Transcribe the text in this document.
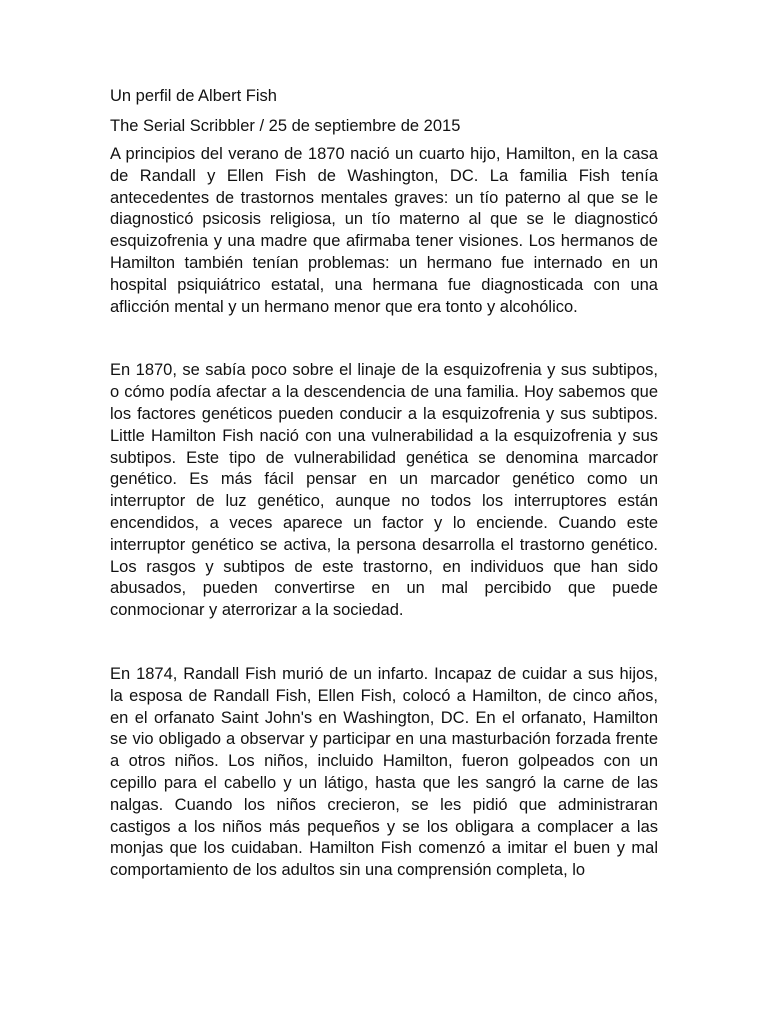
Un perfil de Albert Fish

The Serial Scribbler / 25 de septiembre de 2015

A principios del verano de 1870 nació un cuarto hijo, Hamilton, en la casa de Randall y Ellen Fish de Washington, DC. La familia Fish tenía antecedentes de trastornos mentales graves: un tío paterno al que se le diagnosticó psicosis religiosa, un tío materno al que se le diagnosticó esquizofrenia y una madre que afirmaba tener visiones. Los hermanos de Hamilton también tenían problemas: un hermano fue internado en un hospital psiquiátrico estatal, una hermana fue diagnosticada con una aflicción mental y un hermano menor que era tonto y alcohólico.

En 1870, se sabía poco sobre el linaje de la esquizofrenia y sus subtipos, o cómo podía afectar a la descendencia de una familia. Hoy sabemos que los factores genéticos pueden conducir a la esquizofrenia y sus subtipos. Little Hamilton Fish nació con una vulnerabilidad a la esquizofrenia y sus subtipos. Este tipo de vulnerabilidad genética se denomina marcador genético. Es más fácil pensar en un marcador genético como un interruptor de luz genético, aunque no todos los interruptores están encendidos, a veces aparece un factor y lo enciende. Cuando este interruptor genético se activa, la persona desarrolla el trastorno genético. Los rasgos y subtipos de este trastorno, en individuos que han sido abusados, pueden convertirse en un mal percibido que puede conmocionar y aterrorizar a la sociedad.

En 1874, Randall Fish murió de un infarto. Incapaz de cuidar a sus hijos, la esposa de Randall Fish, Ellen Fish, colocó a Hamilton, de cinco años, en el orfanato Saint John's en Washington, DC. En el orfanato, Hamilton se vio obligado a observar y participar en una masturbación forzada frente a otros niños. Los niños, incluido Hamilton, fueron golpeados con un cepillo para el cabello y un látigo, hasta que les sangró la carne de las nalgas. Cuando los niños crecieron, se les pidió que administraran castigos a los niños más pequeños y se los obligara a complacer a las monjas que los cuidaban. Hamilton Fish comenzó a imitar el buen y mal comportamiento de los adultos sin una comprensión completa, lo
